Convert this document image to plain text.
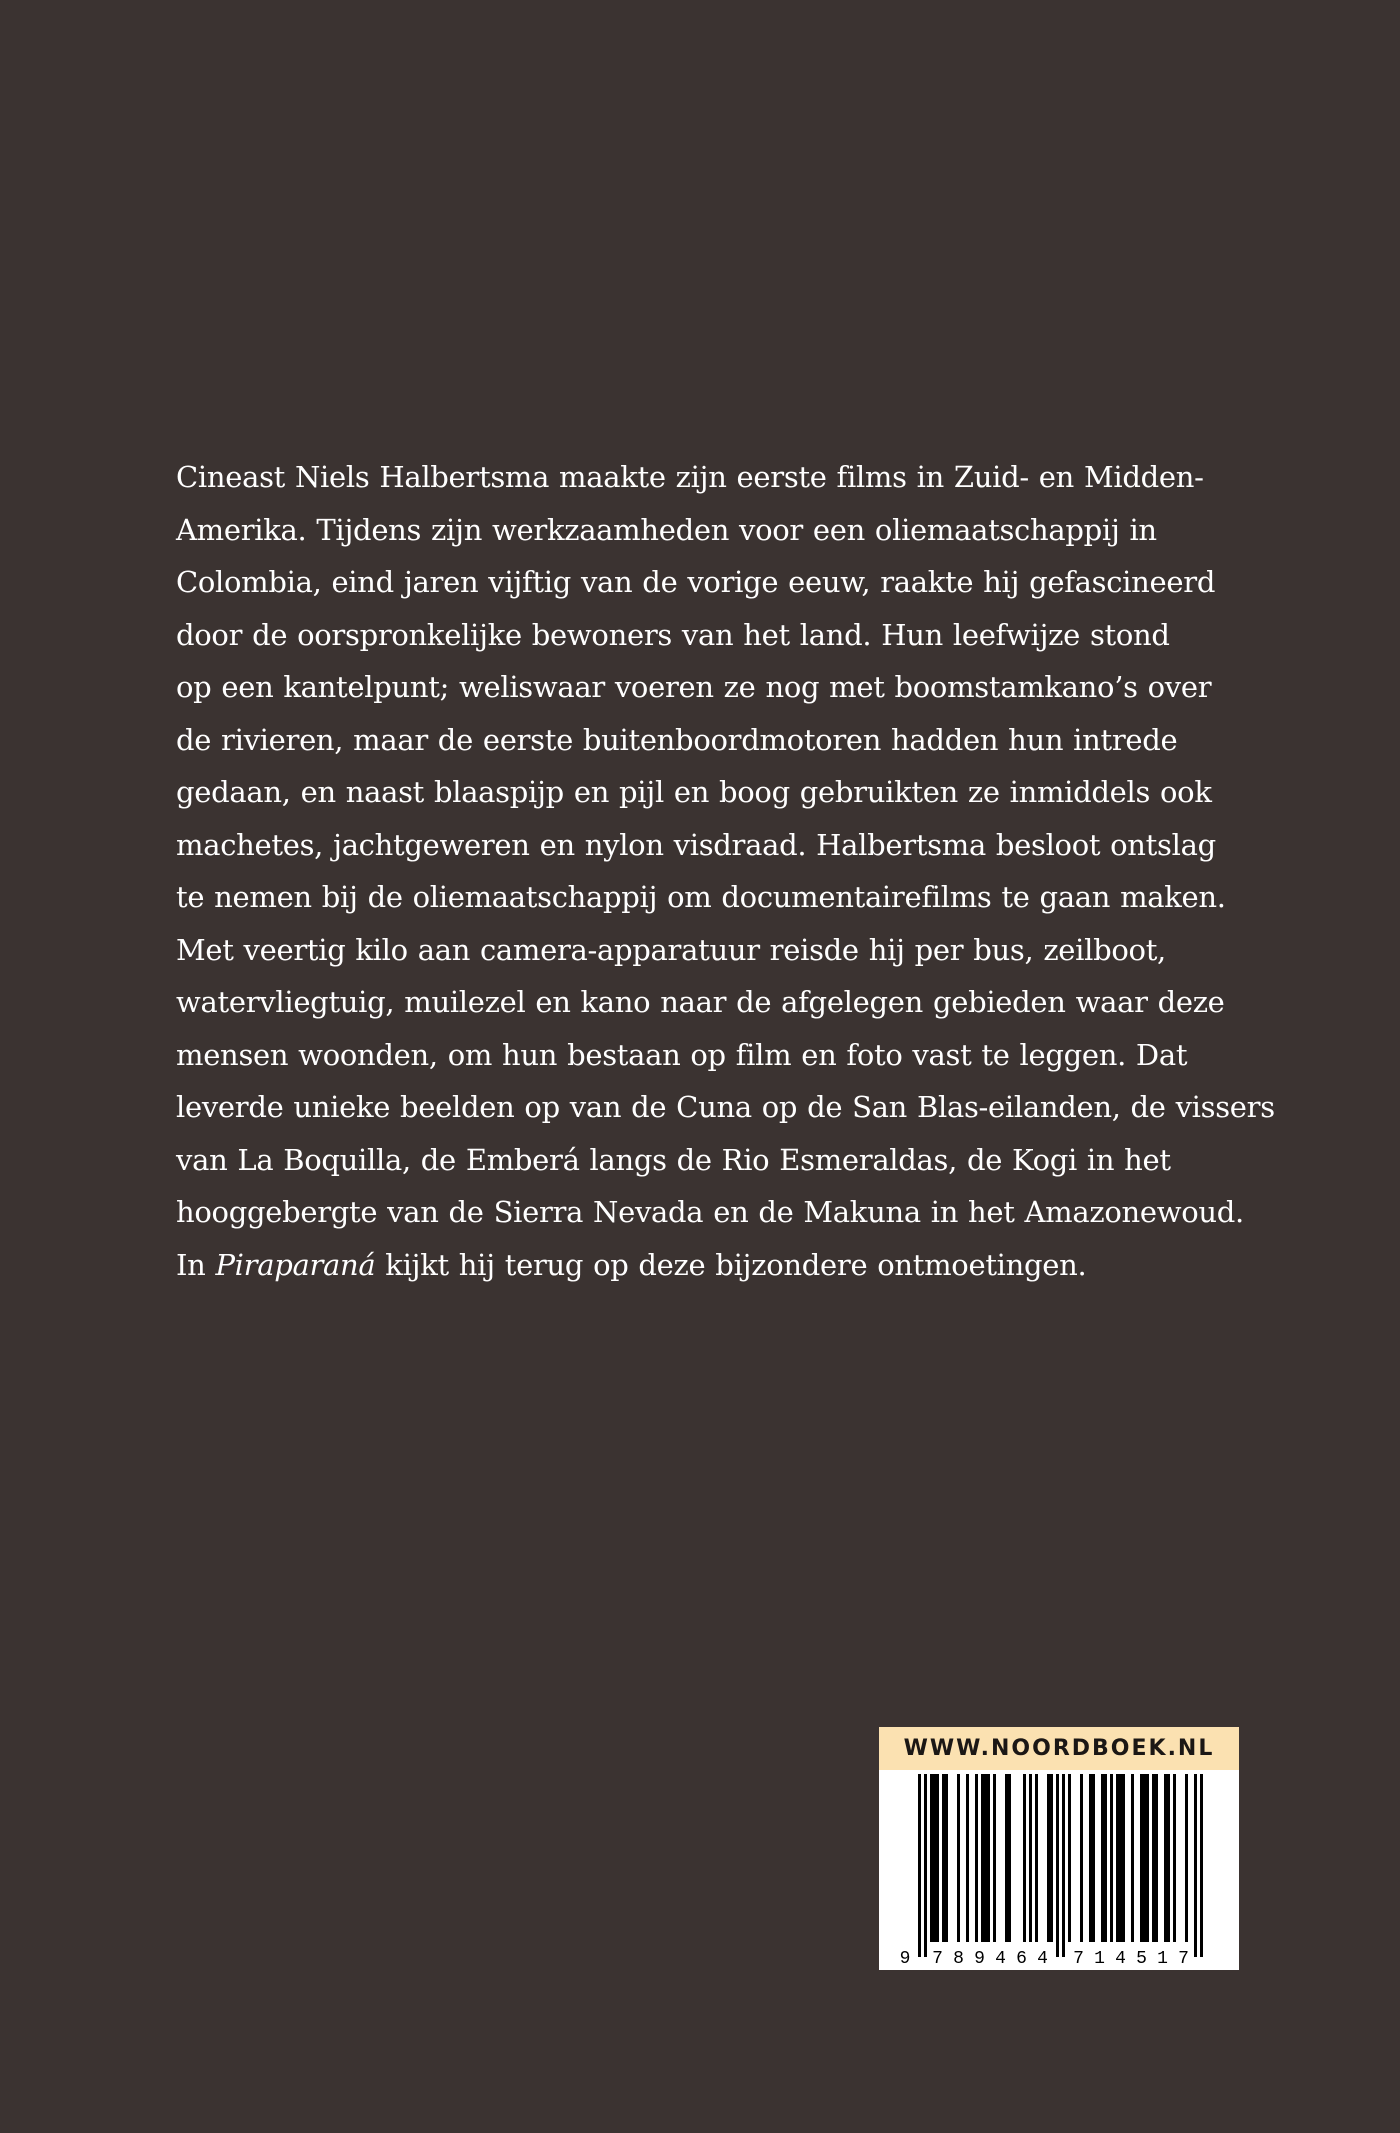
Cineast Niels Halbertsma maakte zijn eerste films in Zuid- en Midden-
Amerika. Tijdens zijn werkzaamheden voor een oliemaatschappij in
Colombia, eind jaren vijftig van de vorige eeuw, raakte hij gefascineerd
door de oorspronkelijke bewoners van het land. Hun leefwijze stond
op een kantelpunt; weliswaar voeren ze nog met boomstamkano’s over
de rivieren, maar de eerste buitenboordmotoren hadden hun intrede
gedaan, en naast blaaspijp en pijl en boog gebruikten ze inmiddels ook
machetes, jachtgeweren en nylon visdraad. Halbertsma besloot ontslag
te nemen bij de oliemaatschappij om documentairefilms te gaan maken.
Met veertig kilo aan camera-apparatuur reisde hij per bus, zeilboot,
watervliegtuig, muilezel en kano naar de afgelegen gebieden waar deze
mensen woonden, om hun bestaan op film en foto vast te leggen. Dat
leverde unieke beelden op van de Cuna op de San Blas-eilanden, de vissers
van La Boquilla, de Emberá langs de Rio Esmeraldas, de Kogi in het
hooggebergte van de Sierra Nevada en de Makuna in het Amazonewoud.
In Piraparaná kijkt hij terug op deze bijzondere ontmoetingen.
WWW.NOORDBOEK.NL
9 7 8 9 4 6 4 7 1 4 5 1 7
